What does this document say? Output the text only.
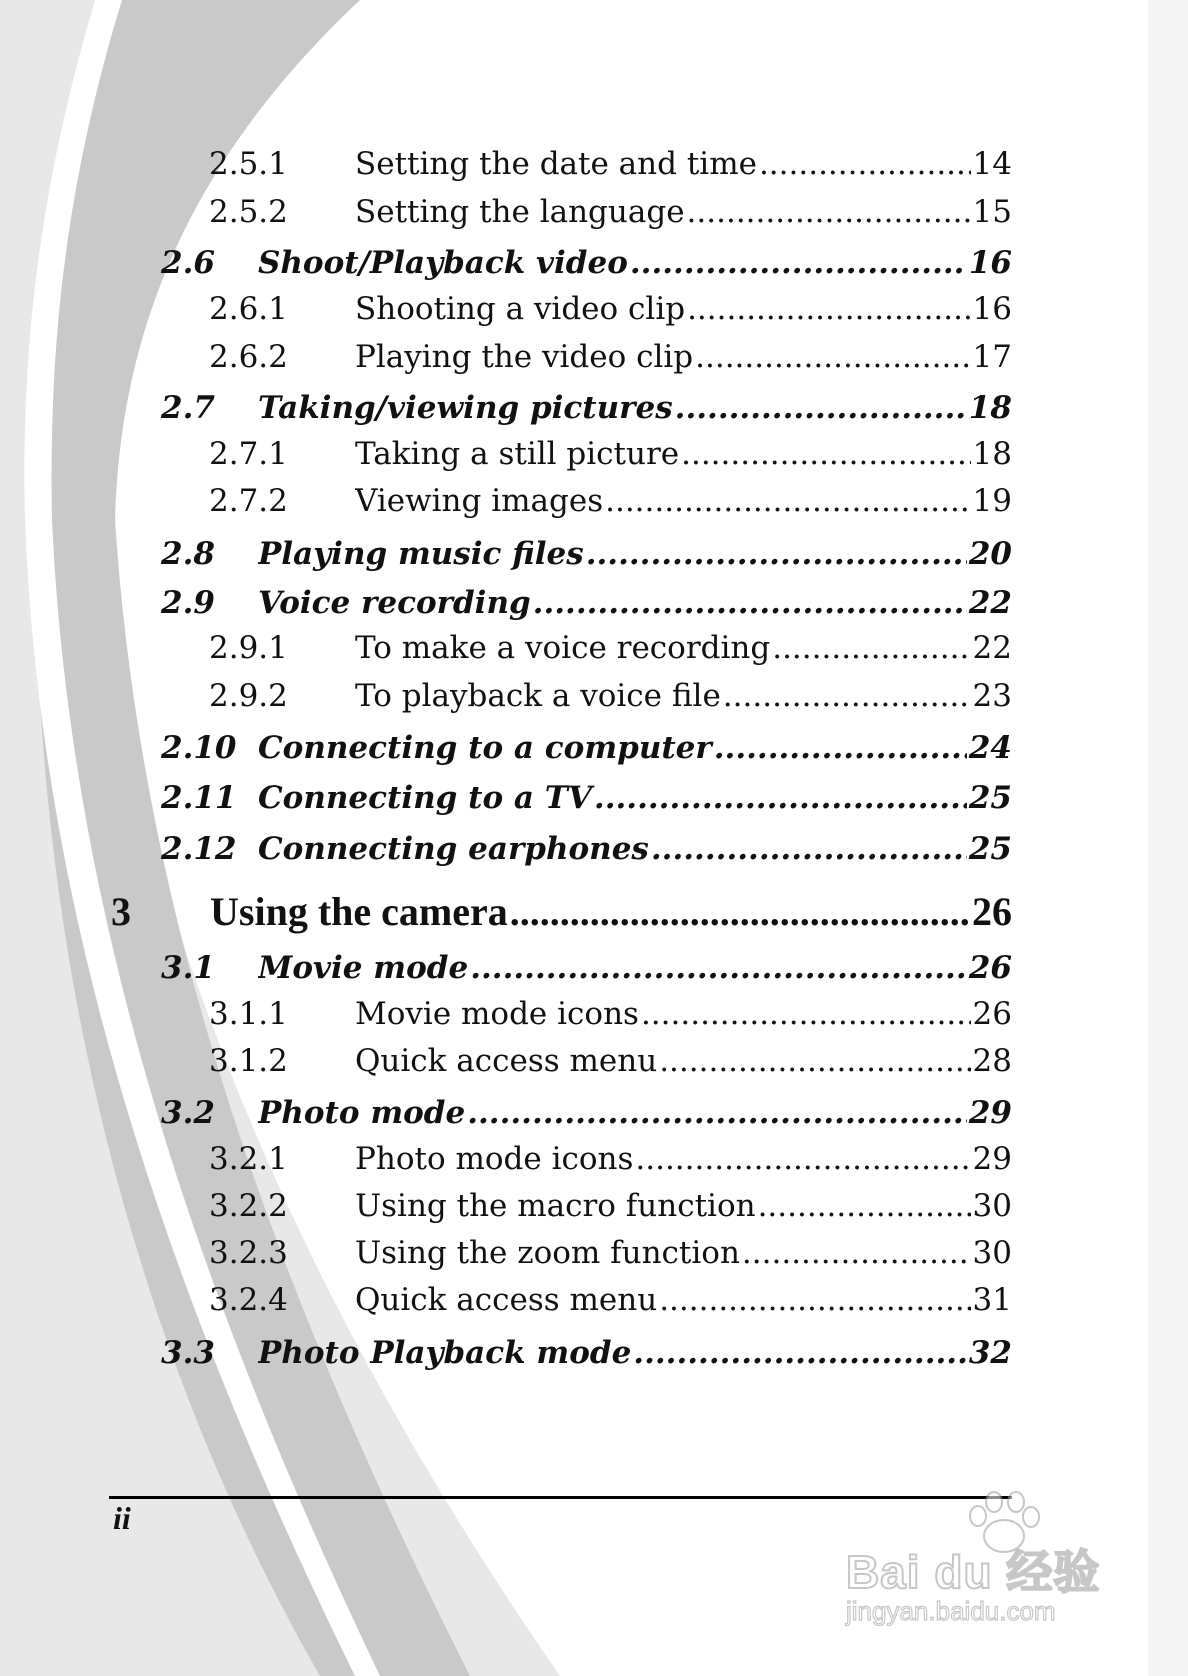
2.5.1 Setting the date and time .....	14
2.5.2 Setting the language .....	15
2.6 Shoot/Playback video .....	16
2.6.1 Shooting a video clip .....	16
2.6.2 Playing the video clip .....	17
2.7 Taking/viewing pictures .....	18
2.7.1 Taking a still picture .....	18
2.7.2 Viewing images .....	19
2.8 Playing music files .....	20
2.9 Voice recording .....	22
2.9.1 To make a voice recording .....	22
2.9.2 To playback a voice file .....	23
2.10 Connecting to a computer .....	24
2.11 Connecting to a TV .....	25
2.12 Connecting earphones .....	25
3 Using the camera .....	26
3.1 Movie mode .....	26
3.1.1 Movie mode icons .....	26
3.1.2 Quick access menu .....	28
3.2 Photo mode .....	29
3.2.1 Photo mode icons .....	29
3.2.2 Using the macro function .....	30
3.2.3 Using the zoom function .....	30
3.2.4 Quick access menu .....	31
3.3 Photo Playback mode .....	32
ii
Bai du 经验
jingyan.baidu.com
